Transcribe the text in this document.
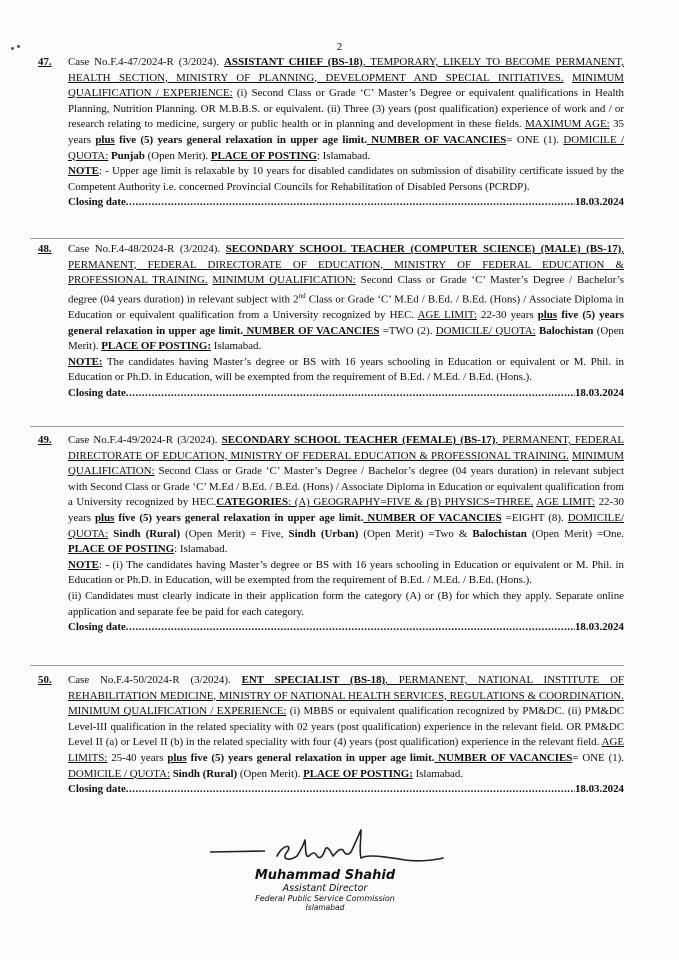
2
47. Case No.F.4-47/2024-R (3/2024). ASSISTANT CHIEF (BS-18), TEMPORARY, LIKELY TO BECOME PERMANENT, HEALTH SECTION, MINISTRY OF PLANNING, DEVELOPMENT AND SPECIAL INITIATIVES. MINIMUM QUALIFICATION / EXPERIENCE: (i) Second Class or Grade ‘C’ Master’s Degree or equivalent qualifications in Health Planning, Nutrition Planning. OR M.B.B.S. or equivalent. (ii) Three (3) years (post qualification) experience of work and / or research relating to medicine, surgery or public health or in planning and development in these fields. MAXIMUM AGE: 35 years plus five (5) years general relaxation in upper age limit. NUMBER OF VACANCIES= ONE (1). DOMICILE / QUOTA: Punjab (Open Merit). PLACE OF POSTING: Islamabad.
NOTE: - Upper age limit is relaxable by 10 years for disabled candidates on submission of disability certificate issued by the Competent Authority i.e. concerned Provincial Councils for Rehabilitation of Disabled Persons (PCRDP).
Closing date .....	18.03.2024
48. Case No.F.4-48/2024-R (3/2024). SECONDARY SCHOOL TEACHER (COMPUTER SCIENCE) (MALE) (BS-17), PERMANENT, FEDERAL DIRECTORATE OF EDUCATION, MINISTRY OF FEDERAL EDUCATION & PROFESSIONAL TRAINING. MINIMUM QUALIFICATION: Second Class or Grade ‘C’ Master’s Degree / Bachelor’s degree (04 years duration) in relevant subject with 2nd Class or Grade ‘C’ M.Ed / B.Ed. / B.Ed. (Hons) / Associate Diploma in Education or equivalent qualification from a University recognized by HEC. AGE LIMIT: 22-30 years plus five (5) years general relaxation in upper age limit. NUMBER OF VACANCIES =TWO (2). DOMICILE/ QUOTA: Balochistan (Open Merit). PLACE OF POSTING: Islamabad.
NOTE: The candidates having Master’s degree or BS with 16 years schooling in Education or equivalent or M. Phil. in Education or Ph.D. in Education, will be exempted from the requirement of B.Ed. / M.Ed. / B.Ed. (Hons.).
Closing date .....	18.03.2024
49. Case No.F.4-49/2024-R (3/2024). SECONDARY SCHOOL TEACHER (FEMALE) (BS-17), PERMANENT, FEDERAL DIRECTORATE OF EDUCATION, MINISTRY OF FEDERAL EDUCATION & PROFESSIONAL TRAINING. MINIMUM QUALIFICATION: Second Class or Grade ‘C’ Master’s Degree / Bachelor’s degree (04 years duration) in relevant subject with Second Class or Grade ‘C’ M.Ed / B.Ed. / B.Ed. (Hons) / Associate Diploma in Education or equivalent qualification from a University recognized by HEC.CATEGORIES: (A) GEOGRAPHY=FIVE & (B) PHYSICS=THREE. AGE LIMIT: 22-30 years plus five (5) years general relaxation in upper age limit. NUMBER OF VACANCIES =EIGHT (8). DOMICILE/ QUOTA: Sindh (Rural) (Open Merit) = Five, Sindh (Urban) (Open Merit) =Two & Balochistan (Open Merit) =One. PLACE OF POSTING: Islamabad.
NOTE: - (i) The candidates having Master’s degree or BS with 16 years schooling in Education or equivalent or M. Phil. in Education or Ph.D. in Education, will be exempted from the requirement of B.Ed. / M.Ed. / B.Ed. (Hons.).
(ii) Candidates must clearly indicate in their application form the category (A) or (B) for which they apply. Separate online application and separate fee be paid for each category.
Closing date .....	18.03.2024
50. Case No.F.4-50/2024-R (3/2024). ENT SPECIALIST (BS-18), PERMANENT, NATIONAL INSTITUTE OF REHABILITATION MEDICINE, MINISTRY OF NATIONAL HEALTH SERVICES, REGULATIONS & COORDINATION. MINIMUM QUALIFICATION / EXPERIENCE: (i) MBBS or equivalent qualification recognized by PM&DC. (ii) PM&DC Level-III qualification in the related speciality with 02 years (post qualification) experience in the relevant field. OR PM&DC Level II (a) or Level II (b) in the related speciality with four (4) years (post qualification) experience in the relevant field. AGE LIMITS: 25-40 years plus five (5) years general relaxation in upper age limit. NUMBER OF VACANCIES= ONE (1). DOMICILE / QUOTA: Sindh (Rural) (Open Merit). PLACE OF POSTING: Islamabad.
Closing date .....	18.03.2024
Shahid
Muhammad Shahid
Assistant Director
Federal Public Service Commission
Islamabad
